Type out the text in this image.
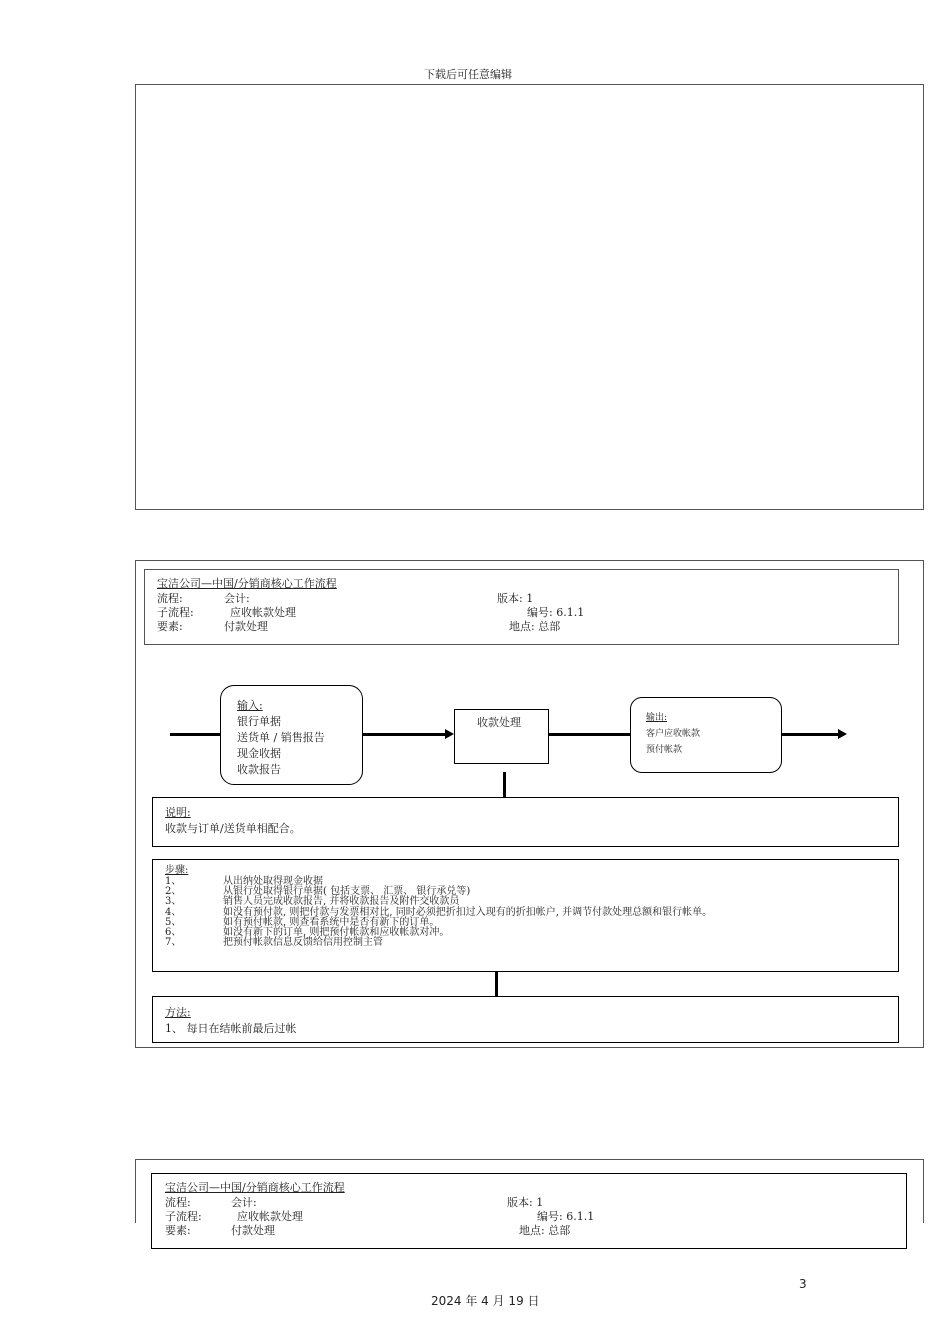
下载后可任意编辑
宝洁公司—中国/分销商核心工作流程
流程:	会计:	版本: 1
子流程:	应收帐款处理	编号: 6.1.1
要素:	付款处理	地点: 总部
输入:
银行单据
送货单 / 销售报告
现金收据
收款报告
收款处理	输出:
客户应收帐款
预付帐款
说明:
收款与订单/送货单相配合。
步骤:
1、	从出纳处取得现金收据
2、	从银行处取得银行单据( 包括支票、 汇票、 银行承兑等)
3、	销售人员完成收款报告, 并将收款报告及附件交收款员
4、	如没有预付款, 则把付款与发票相对比, 同时必须把折扣过入现有的折扣帐户, 并调节付款处理总额和银行帐单。
5、	如有预付帐款, 则查看系统中是否有新下的订单。
6、	如没有新下的订单, 则把预付帐款和应收帐款对冲。
7、	把预付帐款信息反馈给信用控制主管
方法:
1、 每日在结帐前最后过帐
宝洁公司—中国/分销商核心工作流程
流程:	会计:	版本: 1
子流程:	应收帐款处理	编号: 6.1.1
要素:	付款处理	地点: 总部
3
2024 年 4 月 19 日
